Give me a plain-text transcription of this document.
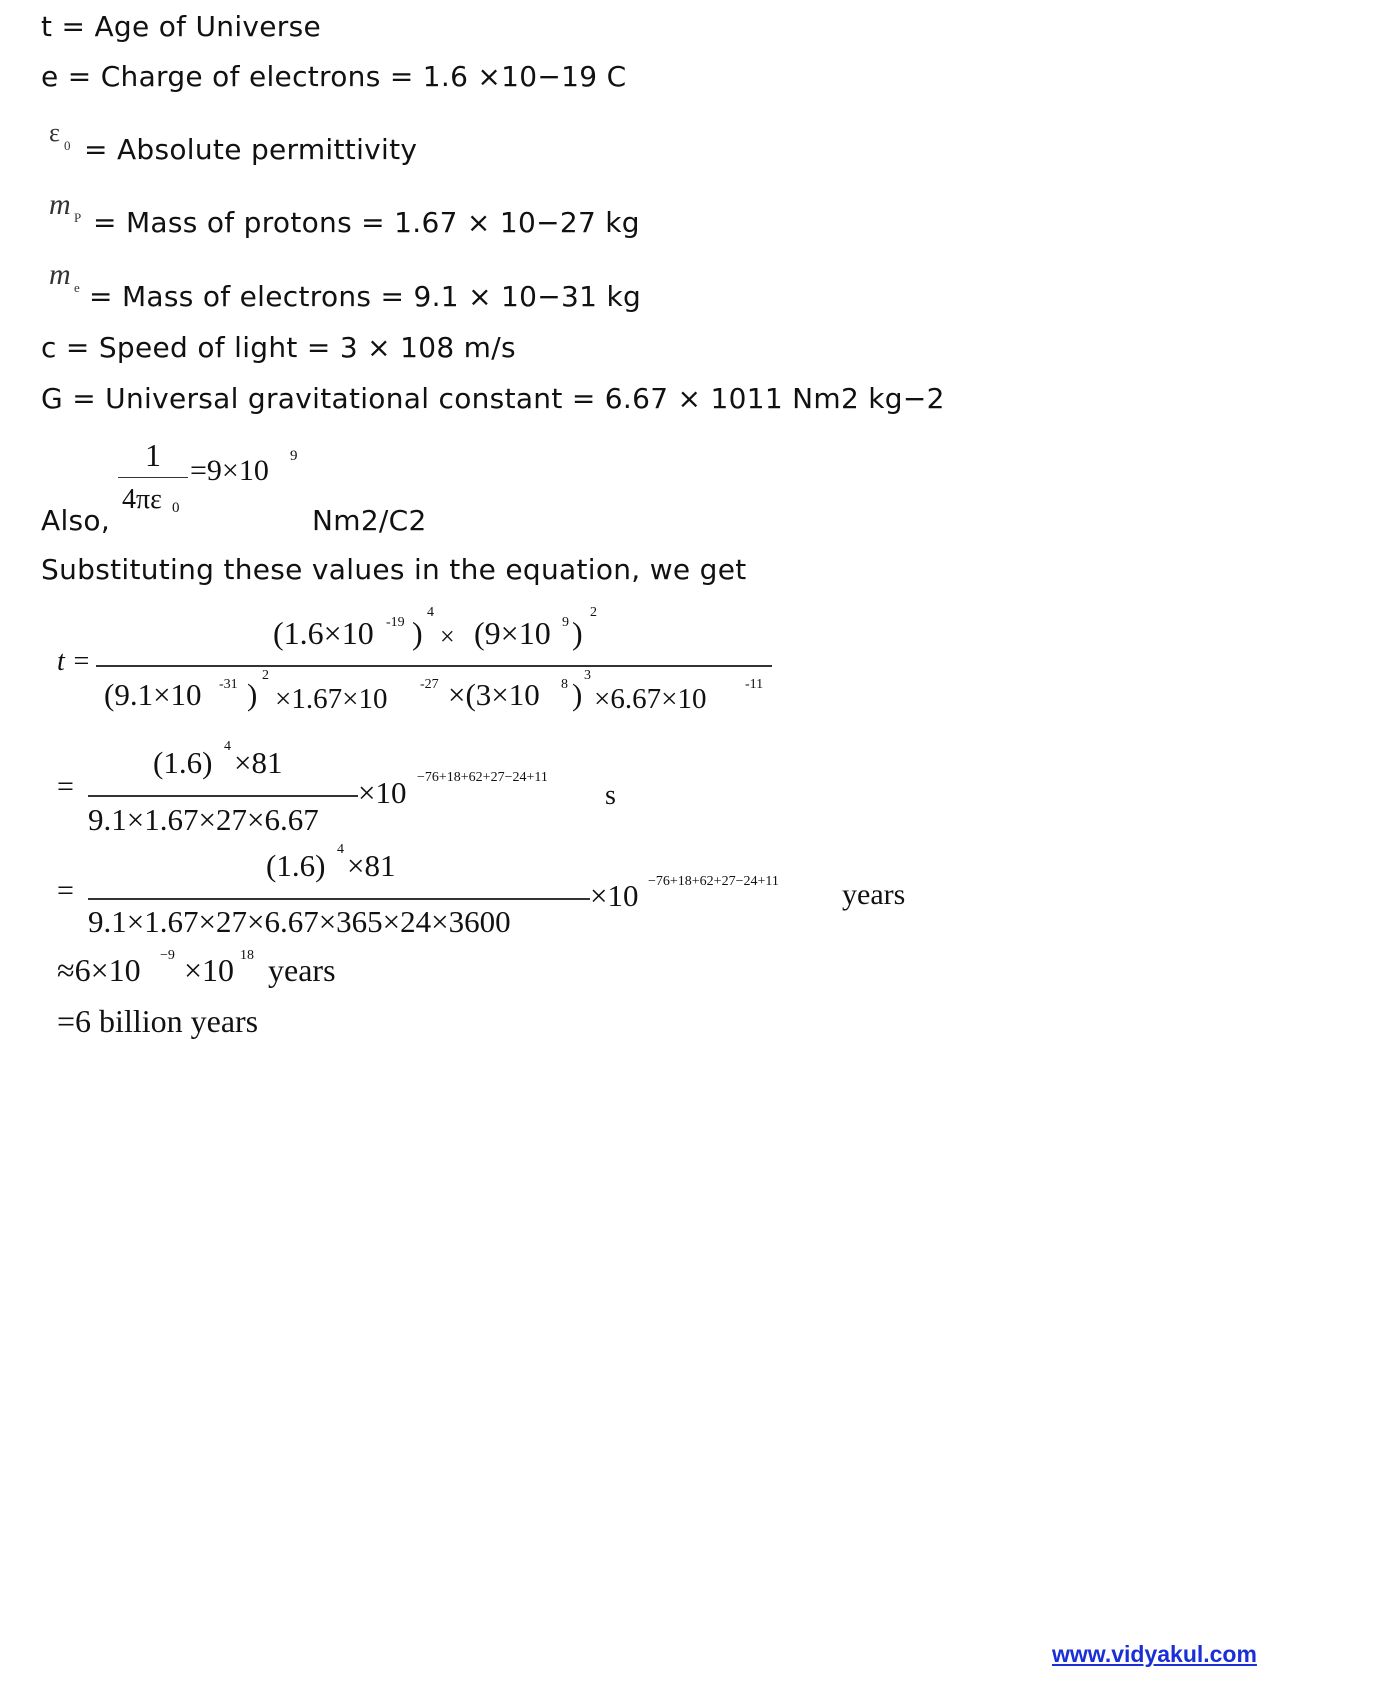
t = Age of Universe
e = Charge of electrons = 1.6 ×10−19 C
ε 0 = Absolute permittivity
m P = Mass of protons = 1.67 × 10−27 kg
m e = Mass of electrons = 9.1 × 10−31 kg
c = Speed of light = 3 × 108 m/s
G = Universal gravitational constant = 6.67 × 1011 Nm2 kg−2
1
4πε 0
=9×10 9
Also,	Nm2/C2
Substituting these values in the equation, we get
t =
(1.6×10 -19 )
4
× (9×10 9 )
2
(9.1×10 -31 )
2
×1.67×10 -27 ×(3×10 8 )
3
×6.67×10	-11
=
(1.6) 4 ×81
9.1×1.67×27×6.67
×10 −76+18+62+27−24+11
s
=
(1.6) 4 ×81
9.1×1.67×27×6.67×365×24×3600
×10 −76+18+62+27−24+11 years
≈6×10 −9 ×10 18 years
=6 billion years
www.vidyakul.com
